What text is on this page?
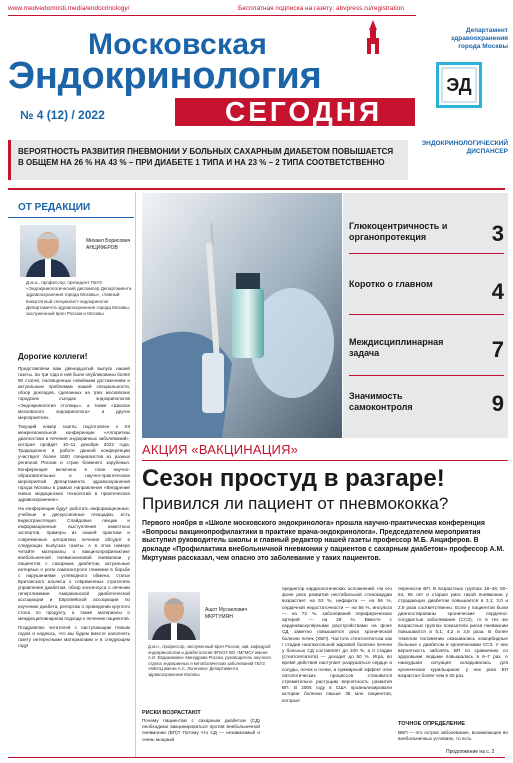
www.medvedomosti.media/endocrinology/	Бесплатная подписка на газету: abvpress.ru/registration
Московская
Эндокринология
СЕГОДНЯ
№ 4 (12) / 2022
Департамент здравоохранения города Москвы
ЭД
ЭНДОКРИНОЛОГИЧЕСКИЙ ДИСПАНСЕР
ВЕРОЯТНОСТЬ РАЗВИТИЯ ПНЕВМОНИИ У БОЛЬНЫХ САХАРНЫМ ДИАБЕТОМ ПОВЫШАЕТСЯ В ОБЩЕМ НА 26 % НА 43 % – ПРИ ДИАБЕТЕ 1 ТИПА И НА 23 % – 2 ТИПА СООТВЕТСТВЕННО
ОТ РЕДАКЦИИ
Михаил Борисович АНЦИФЕРОВ
Д.м.н., профессор, президент ГБУЗ «Эндокринологический диспансер Департамента здравоохранения города Москвы», главный внештатный специалист-эндокринолог Департамента здравоохранения города Москвы, заслуженный врач России и Москвы
Дорогие коллеги!

Представляем вам двенадцатый выпуск нашей газеты. За три года в ней были опубликованы более 90 статей, посвященных новейшим достижениям и актуальным проблемам нашей специальности, обзор докладов, сделанных на трех московских городских съездах эндокринологов «Эндокринология столицы», а также «Школах московского эндокринолога» и других мероприятиях.

Текущий номер газеты подготовлен к XII межрегиональной конференции «Алгоритмы диагностики и лечения эндокринных заболеваний», которая пройдет 10–11 декабря 2022 года. Традиционно в работе данной конференции участвуют более 1500 специалистов из разных регионов России и стран ближнего зарубежья. Конференция включена в план научно-образовательных и научно-практических мероприятий Департамента здравоохранения города Москвы в рамках направления «Внедрение новых медицинских технологий в практическое здравоохранение».

На конференции будут работать информационные, учебные и дискуссионные площадки, есть видеотрансляция. Слайдовые лекции и информационные выступления известных экспертов, примеры из нашей практики и современные алгоритмы лечения обсудят в следующих выпусках газеты. А в этом номере читайте материалы о вакцинопрофилактике внебольничной пневмококковой пневмонии у пациентов с сахарным диабетом, актуальные интервью о роли самоконтроля гликемии в борьбе с нарушениями углеводного обмена, статьи Британского альянса о современных стратегиях управления диабетом, обзор консенсуса о лечении гипергликемии Американской диабетической ассоциации и Европейской ассоциации по изучению диабета, репортаж о проведении круглого стола по продукту, а также материалы о междисциплинарном подходе к лечению пациентов.

Поздравляю читателей с наступающим Новым годом и надеюсь, что мы будем вместе наполнять газету интересными материалами и в следующем году!

Глюкоцентричность и органопротекция	3
Коротко о главном	4
Междисциплинарная задача	7
Значимость самоконтроля	9
АКЦИЯ «ВАКЦИНАЦИЯ»
Сезон простуд в разгаре!
Привился ли пациент от пневмококка?
Первого ноября в «Школе московского эндокринолога» прошла научно-практическая конференция «Вопросы вакцинопрофилактики в практике врача-эндокринолога». Председателем мероприятия выступил руководитель школы и главный редактор нашей газеты профессор М.Б. Анциферов. В докладе «Профилактика внебольничной пневмонии у пациентов с сахарным диабетом» профессор А.М. Мкртумян рассказал, чем опасно это заболевание у таких пациентов.
Ашот Мусаелович МКРТУМЯН
Д.м.н., профессор, заслуженный врач России, зав. кафедрой эндокринологии и диабетологии ФГБОУ ВО «МГМСУ имени А.И. Евдокимова» Минздрава России, руководитель научного отдела эндокринных и метаболических заболеваний ГБУЗ «МКНЦ имени А.С. Логинова» Департамента здравоохранения Москвы
РИСКИ ВОЗРАСТАЮТ
Почему пациентам с сахарным диабетом (СД) необходимо вакцинироваться против внебольничной пневмонии (ВП)? Потому что СД — независимый и очень мощный
предиктор кардиологических осложнений. На его фоне риск развития нестабильной стенокардии возрастает на 53 %, инфаркта — на 56 %, сердечной недостаточности — на 56 %, инсульта — на 72 %, заболеваний периферических артерий — на 28 %. Вместе с кардиоваскулярными расстройствами на фоне СД заметно повышается риск хронической болезни почек (ХБП). Частота стеатогепатоза как I стадии неалкогольной жировой болезни печени у больных СД составляет до 100 %, а II стадии (стеатогепатита) — доходит до 50 %. Игра, во время действия наступает разрушаться сердце и сосуды, почек и почки, а суммарный эффект этих патологических процессов становится стремительно растущим вероятность развития ВП. В 2006 году в США проанализировали истории болезни свыше 35 млн пациентов, которые
перенесли ВП. В возрастных группах 18–49, 50–64, 65 лет и старше риск такой пневмонии у страдающих диабетом повышается в 3,1; 3,0 и 2,8 раза соответственно. Если у пациентов были диагностированы хронические сердечно-сосудистые заболевания (ССЗ), то в тех же возрастных группах показатели риска пневмонии повышаются в 5,1; 4,2 и 3,8 раза. В более тяжелом положении оказывались коморбидные больные с диабетом и хроническими ССЗ. У них вероятность заболеть ВП по сравнению со здоровыми людьми повышалась в 6–7 раз. А наихудшая ситуация складывалась для хронических курильщиков: у них риск ВП возрастал более чем в 40 раз.
ТОЧНОЕ ОПРЕДЕЛЕНИЕ
ВБП — это острое заболевание, возникающее во внебольничных условиях, то есть
Продолжение на с. 2
